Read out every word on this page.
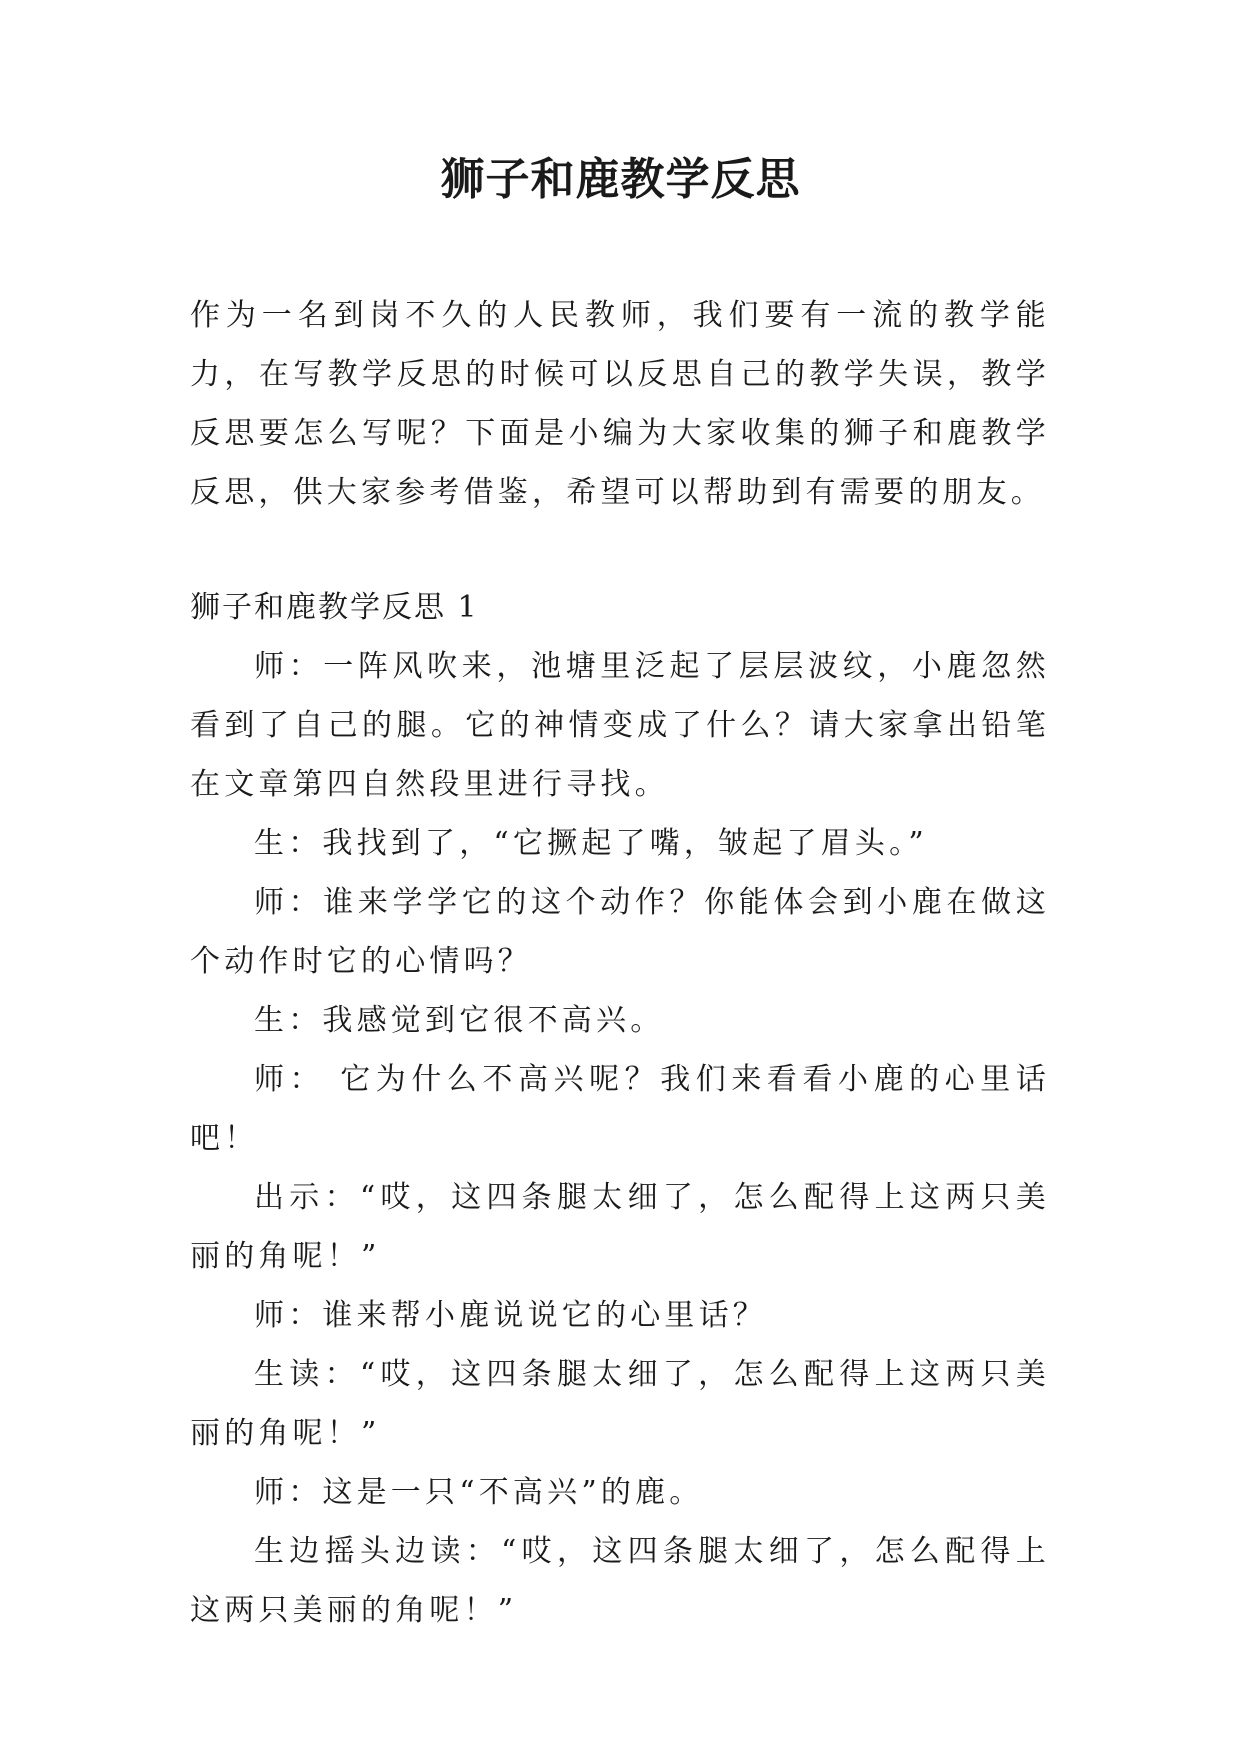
狮子和鹿教学反思

作为一名到岗不久的人民教师，我们要有一流的教学能力，在写教学反思的时候可以反思自己的教学失误，教学反思要怎么写呢？下面是小编为大家收集的狮子和鹿教学反思，供大家参考借鉴，希望可以帮助到有需要的朋友。

狮子和鹿教学反思 1

师：一阵风吹来，池塘里泛起了层层波纹，小鹿忽然看到了自己的腿。它的神情变成了什么？请大家拿出铅笔在文章第四自然段里进行寻找。

生：我找到了，“它撅起了嘴，皱起了眉头。”

师：谁来学学它的这个动作？你能体会到小鹿在做这个动作时它的心情吗？

生：我感觉到它很不高兴。

师： 它为什么不高兴呢？我们来看看小鹿的心里话吧！

出示：“哎，这四条腿太细了，怎么配得上这两只美丽的角呢！”

师：谁来帮小鹿说说它的心里话？

生读：“哎，这四条腿太细了，怎么配得上这两只美丽的角呢！”

师：这是一只“不高兴”的鹿。

生边摇头边读：“哎，这四条腿太细了，怎么配得上这两只美丽的角呢！”
